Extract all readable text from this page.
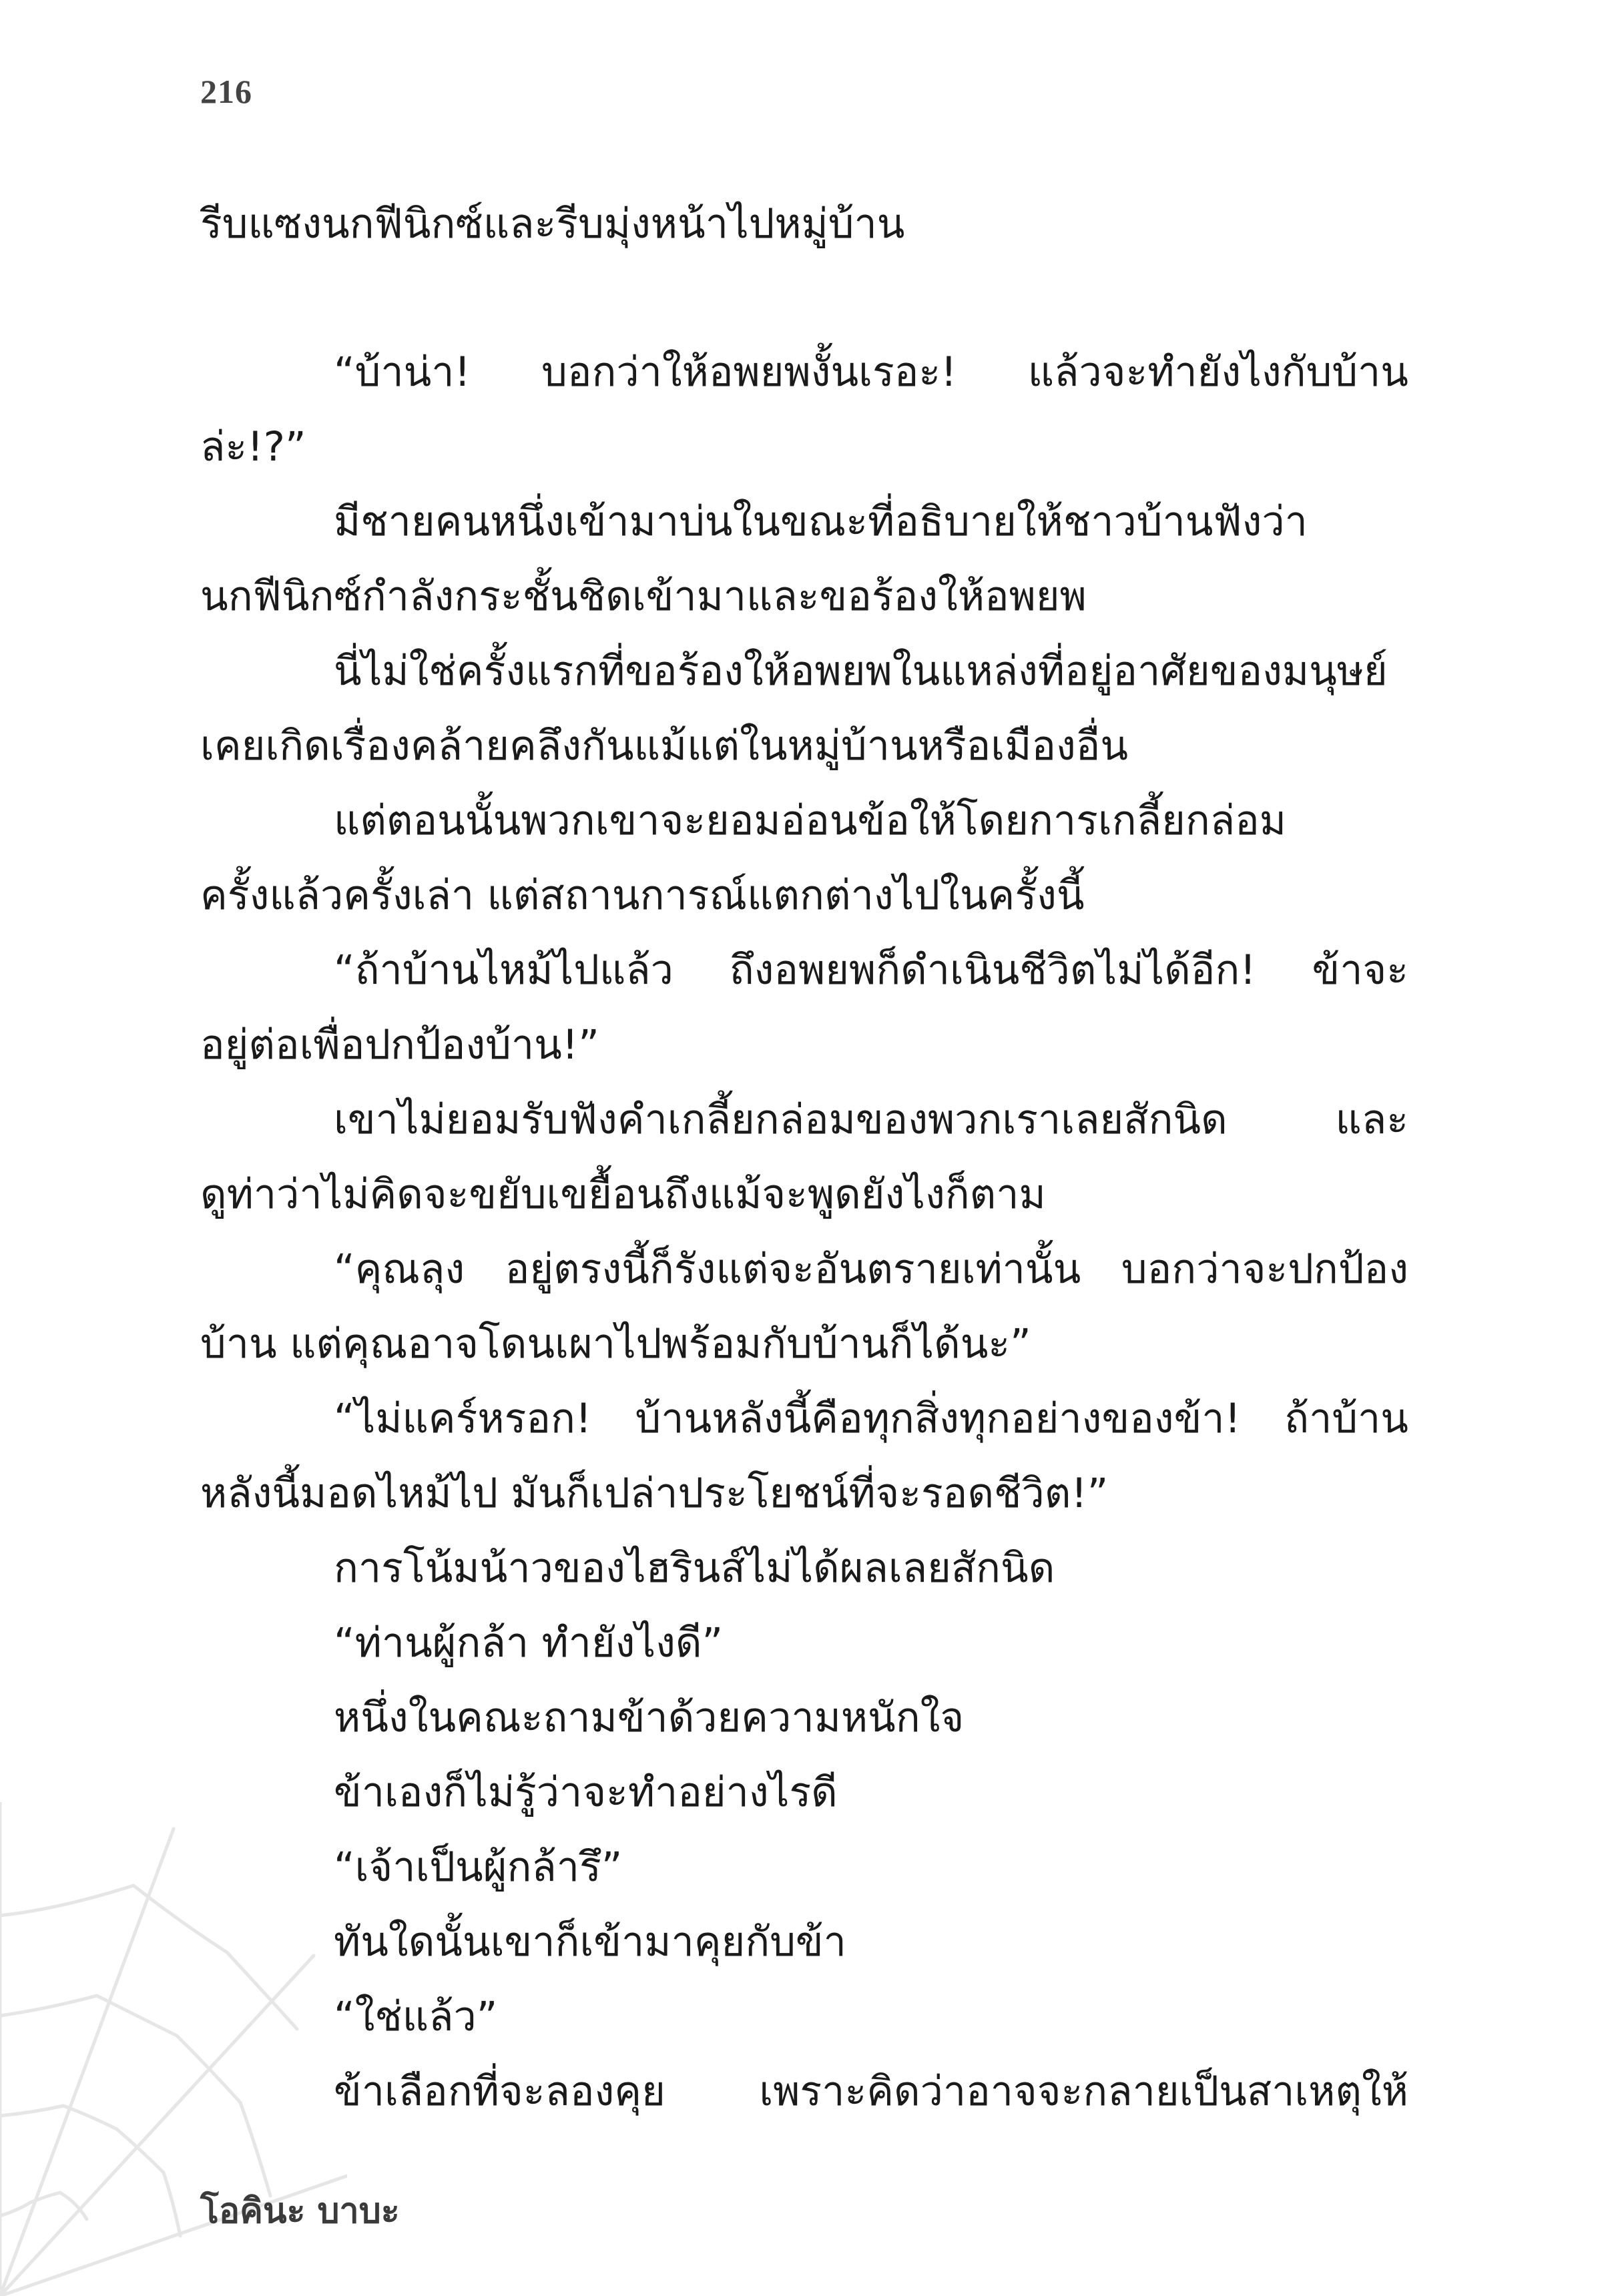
216
รีบแซงนกฟีนิกซ์และรีบมุ่งหน้าไปหมู่บ้าน
“บ้าน่า! บอกว่าให้อพยพงั้นเรอะ! แล้วจะทำยังไงกับบ้าน
ล่ะ!?”
มีชายคนหนึ่งเข้ามาบ่นในขณะที่อธิบายให้ชาวบ้านฟังว่า
นกฟีนิกซ์กำลังกระชั้นชิดเข้ามาและขอร้องให้อพยพ
นี่ไม่ใช่ครั้งแรกที่ขอร้องให้อพยพในแหล่งที่อยู่อาศัยของมนุษย์
เคยเกิดเรื่องคล้ายคลึงกันแม้แต่ในหมู่บ้านหรือเมืองอื่น
แต่ตอนนั้นพวกเขาจะยอมอ่อนข้อให้โดยการเกลี้ยกล่อม
ครั้งแล้วครั้งเล่า แต่สถานการณ์แตกต่างไปในครั้งนี้
“ถ้าบ้านไหม้ไปแล้ว ถึงอพยพก็ดำเนินชีวิตไม่ได้อีก! ข้าจะ
อยู่ต่อเพื่อปกป้องบ้าน!”
เขาไม่ยอมรับฟังคำเกลี้ยกล่อมของพวกเราเลยสักนิด และ
ดูท่าว่าไม่คิดจะขยับเขยื้อนถึงแม้จะพูดยังไงก็ตาม
“คุณลุง อยู่ตรงนี้ก็รังแต่จะอันตรายเท่านั้น บอกว่าจะปกป้อง
บ้าน แต่คุณอาจโดนเผาไปพร้อมกับบ้านก็ได้นะ”
“ไม่แคร์หรอก! บ้านหลังนี้คือทุกสิ่งทุกอย่างของข้า! ถ้าบ้าน
หลังนี้มอดไหม้ไป มันก็เปล่าประโยชน์ที่จะรอดชีวิต!”
การโน้มน้าวของไฮรินส์ไม่ได้ผลเลยสักนิด
“ท่านผู้กล้า ทำยังไงดี”
หนึ่งในคณะถามข้าด้วยความหนักใจ
ข้าเองก็ไม่รู้ว่าจะทำอย่างไรดี
“เจ้าเป็นผู้กล้ารึ”
ทันใดนั้นเขาก็เข้ามาคุยกับข้า
“ใช่แล้ว”
ข้าเลือกที่จะลองคุย เพราะคิดว่าอาจจะกลายเป็นสาเหตุให้
โอคินะ บาบะ
